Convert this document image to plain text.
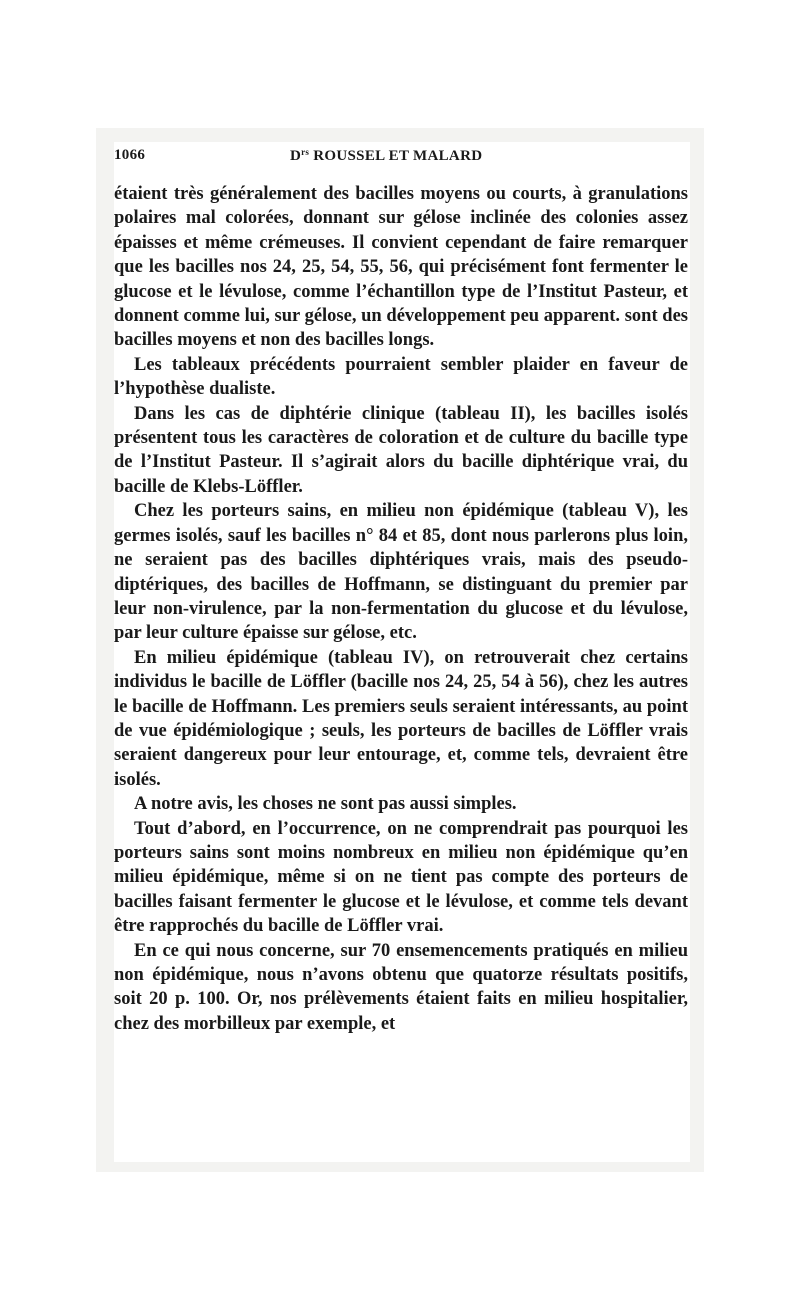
1066	$D^{rs}$ ROUSSEL ET MALARD

étaient très généralement des bacilles moyens ou courts, à granulations polaires mal colorées, donnant sur gélose inclinée des colonies assez épaisses et même crémeuses. Il convient cependant de faire remarquer que les bacilles nos 24, 25, 54, 55, 56, qui précisément font fermenter le glucose et le lévulose, comme l’échantillon type de l’Institut Pasteur, et donnent comme lui, sur gélose, un développement peu apparent. sont des bacilles moyens et non des bacilles longs.

Les tableaux précédents pourraient sembler plaider en faveur de l’hypothèse dualiste.

Dans les cas de diphtérie clinique (tableau II), les bacilles isolés présentent tous les caractères de coloration et de culture du bacille type de l’Institut Pasteur. Il s’agirait alors du bacille diphtérique vrai, du bacille de Klebs-Löffler.

Chez les porteurs sains, en milieu non épidémique (tableau V), les germes isolés, sauf les bacilles n° 84 et 85, dont nous parlerons plus loin, ne seraient pas des bacilles diphtériques vrais, mais des pseudo-diptériques, des bacilles de Hoffmann, se distinguant du premier par leur non-virulence, par la non-fermentation du glucose et du lévulose, par leur culture épaisse sur gélose, etc.

En milieu épidémique (tableau IV), on retrouverait chez certains individus le bacille de Löffler (bacille nos 24, 25, 54 à 56), chez les autres le bacille de Hoffmann. Les premiers seuls seraient intéressants, au point de vue épidémiologique ; seuls, les porteurs de bacilles de Löffler vrais seraient dangereux pour leur entourage, et, comme tels, devraient être isolés.

A notre avis, les choses ne sont pas aussi simples.

Tout d’abord, en l’occurrence, on ne comprendrait pas pourquoi les porteurs sains sont moins nombreux en milieu non épidémique qu’en milieu épidémique, même si on ne tient pas compte des porteurs de bacilles faisant fermenter le glucose et le lévulose, et comme tels devant être rapprochés du bacille de Löffler vrai.

En ce qui nous concerne, sur 70 ensemencements pratiqués en milieu non épidémique, nous n’avons obtenu que quatorze résultats positifs, soit 20 p. 100. Or, nos prélèvements étaient faits en milieu hospitalier, chez des morbilleux par exemple, et
